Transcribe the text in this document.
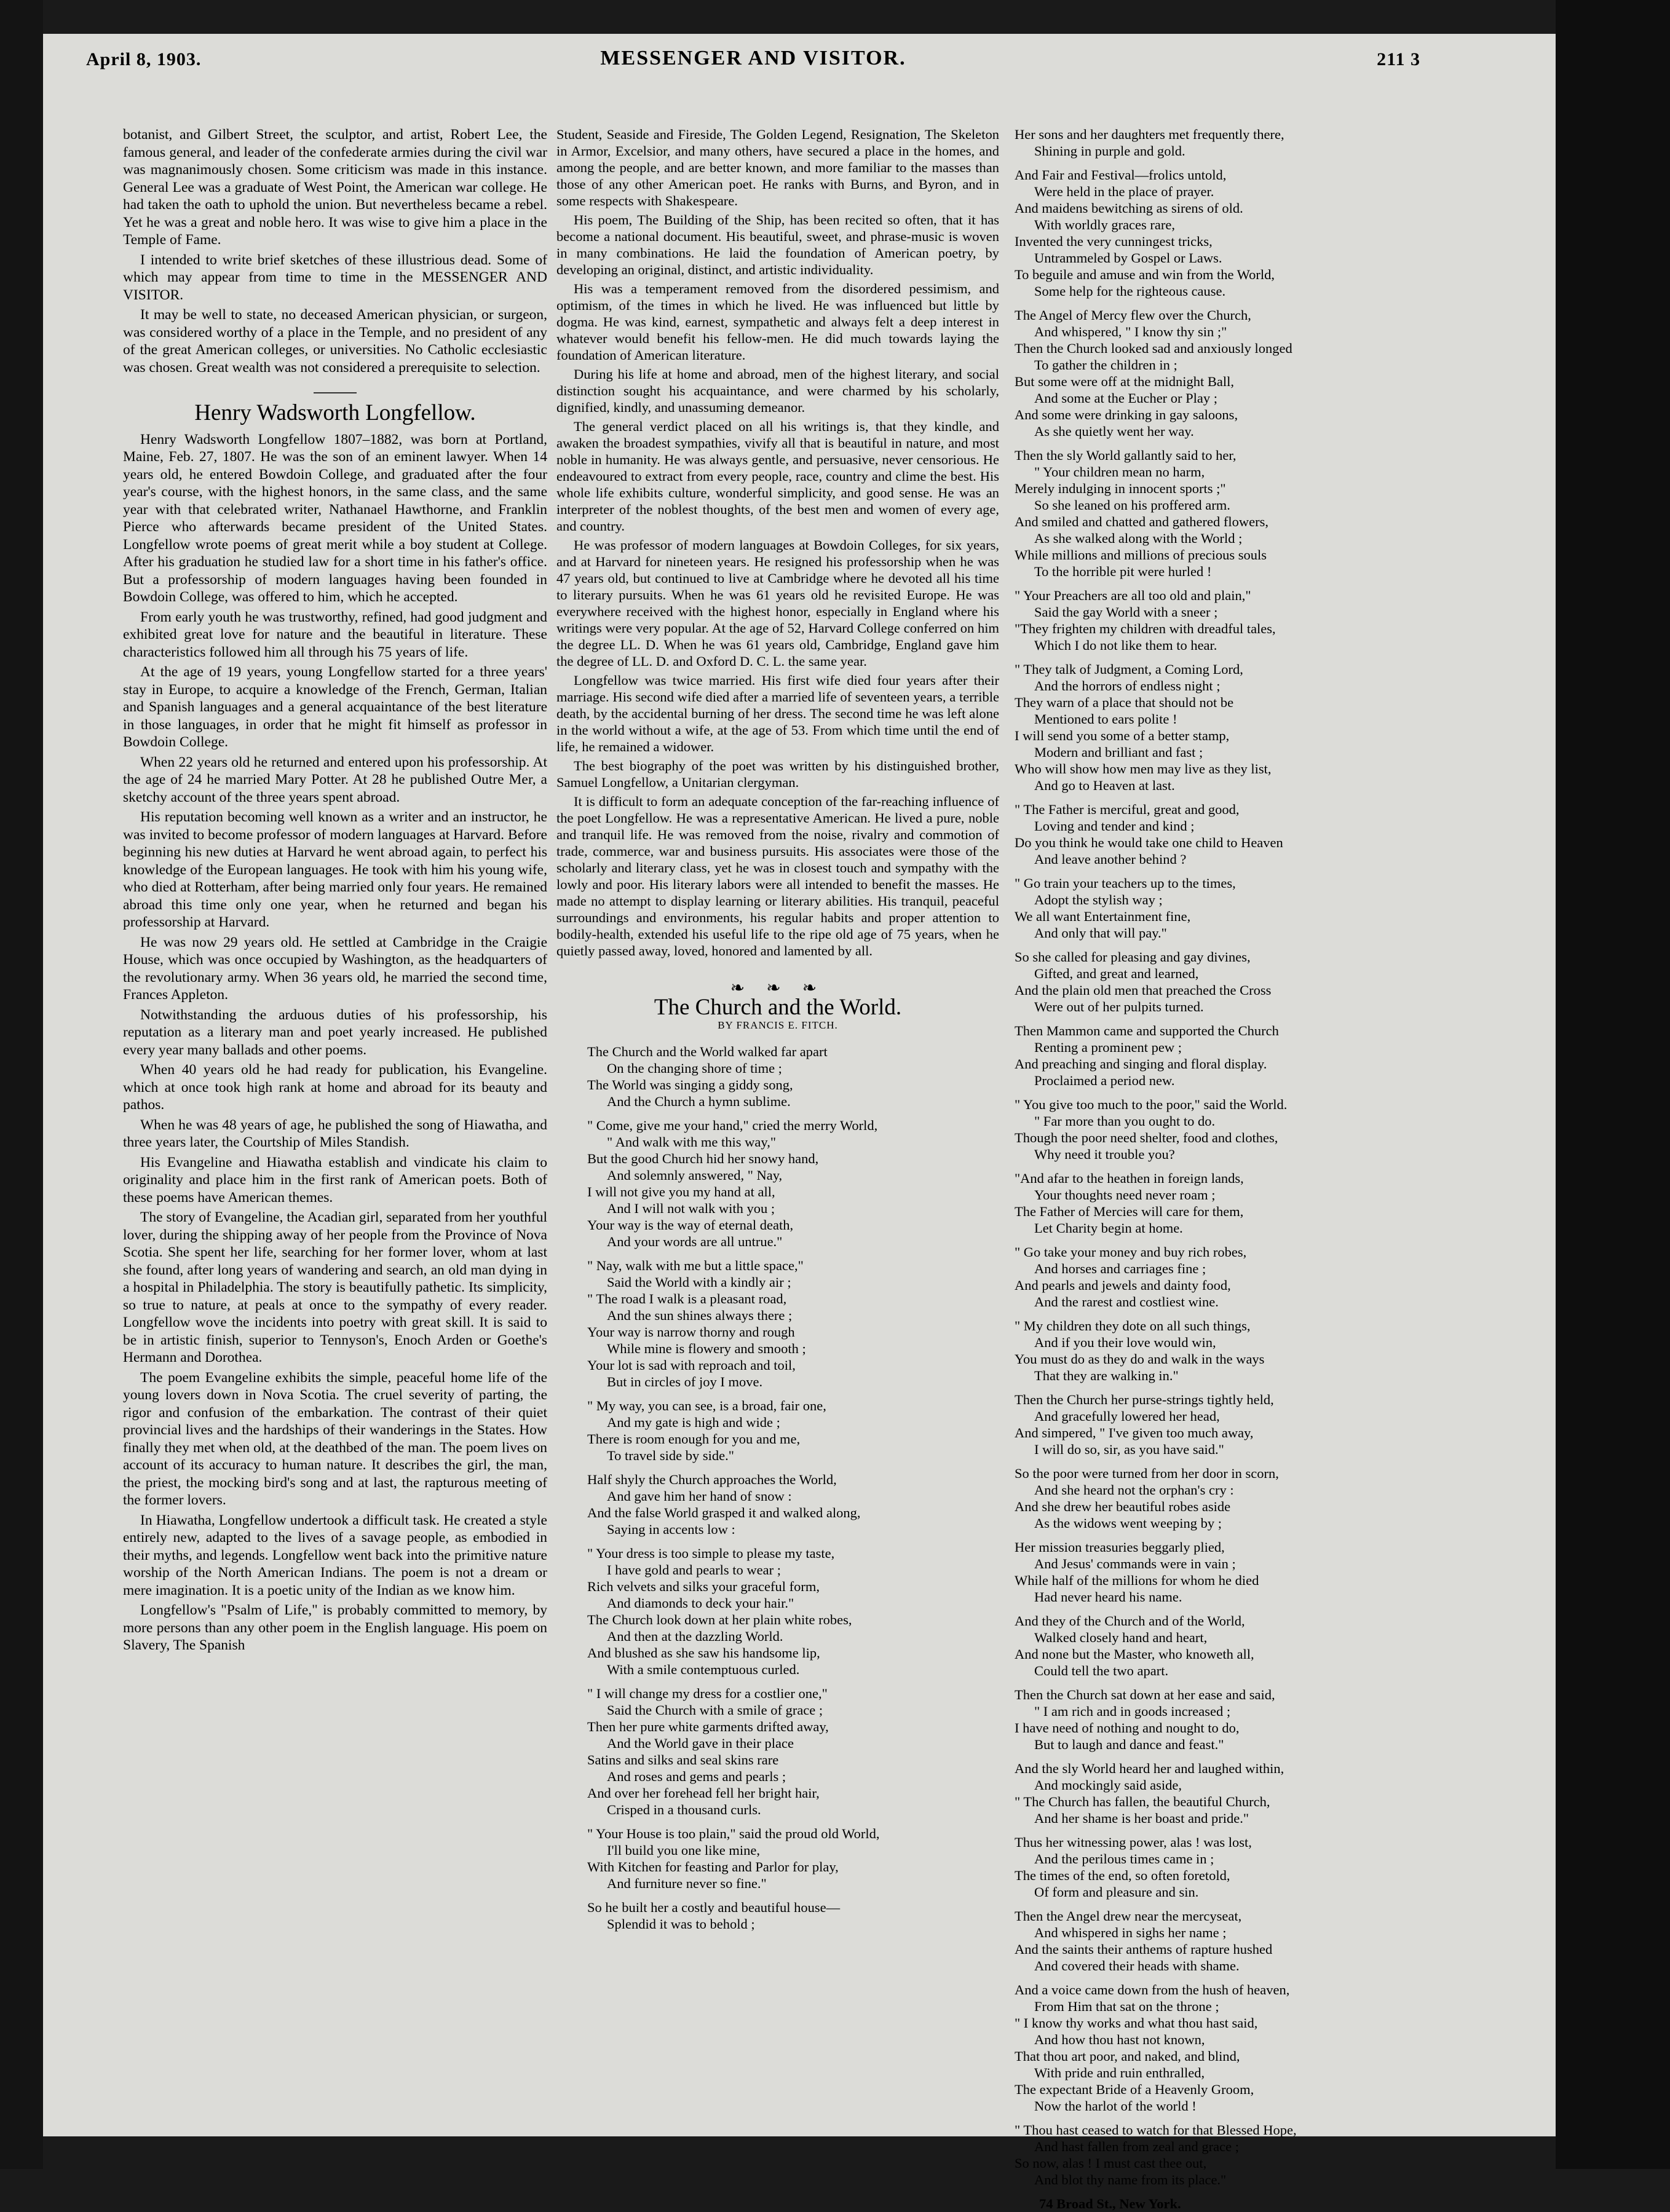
April 8, 1903.	MESSENGER AND VISITOR.	211 3

botanist, and Gilbert Street, the sculptor, and artist, Robert Lee, the famous general, and leader of the confederate armies during the civil war was magnanimously chosen. Some criticism was made in this instance. General Lee was a graduate of West Point, the American war college. He had taken the oath to uphold the union. But nevertheless became a rebel. Yet he was a great and noble hero. It was wise to give him a place in the Temple of Fame.

I intended to write brief sketches of these illustrious dead. Some of which may appear from time to time in the MESSENGER AND VISITOR.

It may be well to state, no deceased American physician, or surgeon, was considered worthy of a place in the Temple, and no president of any of the great American colleges, or universities. No Catholic ecclesiastic was chosen. Great wealth was not considered a prerequisite to selection.

Henry Wadsworth Longfellow.

Henry Wadsworth Longfellow 1807–1882, was born at Portland, Maine, Feb. 27, 1807. He was the son of an eminent lawyer. When 14 years old, he entered Bowdoin College, and graduated after the four year's course, with the highest honors, in the same class, and the same year with that celebrated writer, Nathanael Hawthorne, and Franklin Pierce who afterwards became president of the United States. Longfellow wrote poems of great merit while a boy student at College. After his graduation he studied law for a short time in his father's office. But a professorship of modern languages having been founded in Bowdoin College, was offered to him, which he accepted.

From early youth he was trustworthy, refined, had good judgment and exhibited great love for nature and the beautiful in literature. These characteristics followed him all through his 75 years of life.

At the age of 19 years, young Longfellow started for a three years' stay in Europe, to acquire a knowledge of the French, German, Italian and Spanish languages and a general acquaintance of the best literature in those languages, in order that he might fit himself as professor in Bowdoin College.

When 22 years old he returned and entered upon his professorship. At the age of 24 he married Mary Potter. At 28 he published Outre Mer, a sketchy account of the three years spent abroad.

His reputation becoming well known as a writer and an instructor, he was invited to become professor of modern languages at Harvard. Before beginning his new duties at Harvard he went abroad again, to perfect his knowledge of the European languages. He took with him his young wife, who died at Rotterham, after being married only four years. He remained abroad this time only one year, when he returned and began his professorship at Harvard.

He was now 29 years old. He settled at Cambridge in the Craigie House, which was once occupied by Washington, as the headquarters of the revolutionary army. When 36 years old, he married the second time, Frances Appleton.

Notwithstanding the arduous duties of his professorship, his reputation as a literary man and poet yearly increased. He published every year many ballads and other poems.

When 40 years old he had ready for publication, his Evangeline. which at once took high rank at home and abroad for its beauty and pathos.

When he was 48 years of age, he published the song of Hiawatha, and three years later, the Courtship of Miles Standish.

His Evangeline and Hiawatha establish and vindicate his claim to originality and place him in the first rank of American poets. Both of these poems have American themes.

The story of Evangeline, the Acadian girl, separated from her youthful lover, during the shipping away of her people from the Province of Nova Scotia. She spent her life, searching for her former lover, whom at last she found, after long years of wandering and search, an old man dying in a hospital in Philadelphia. The story is beautifully pathetic. Its simplicity, so true to nature, at peals at once to the sympathy of every reader. Longfellow wove the incidents into poetry with great skill. It is said to be in artistic finish, superior to Tennyson's, Enoch Arden or Goethe's Hermann and Dorothea.

The poem Evangeline exhibits the simple, peaceful home life of the young lovers down in Nova Scotia. The cruel severity of parting, the rigor and confusion of the embarkation. The contrast of their quiet provincial lives and the hardships of their wanderings in the States. How finally they met when old, at the deathbed of the man. The poem lives on account of its accuracy to human nature. It describes the girl, the man, the priest, the mocking bird's song and at last, the rapturous meeting of the former lovers.

In Hiawatha, Longfellow undertook a difficult task. He created a style entirely new, adapted to the lives of a savage people, as embodied in their myths, and legends. Longfellow went back into the primitive nature worship of the North American Indians. The poem is not a dream or mere imagination. It is a poetic unity of the Indian as we know him.

Longfellow's "Psalm of Life," is probably committed to memory, by more persons than any other poem in the English language. His poem on Slavery, The Spanish

Student, Seaside and Fireside, The Golden Legend, Resignation, The Skeleton in Armor, Excelsior, and many others, have secured a place in the homes, and among the people, and are better known, and more familiar to the masses than those of any other American poet. He ranks with Burns, and Byron, and in some respects with Shakespeare.

His poem, The Building of the Ship, has been recited so often, that it has become a national document. His beautiful, sweet, and phrase-music is woven in many combinations. He laid the foundation of American poetry, by developing an original, distinct, and artistic individuality.

His was a temperament removed from the disordered pessimism, and optimism, of the times in which he lived. He was influenced but little by dogma. He was kind, earnest, sympathetic and always felt a deep interest in whatever would benefit his fellow-men. He did much towards laying the foundation of American literature.

During his life at home and abroad, men of the highest literary, and social distinction sought his acquaintance, and were charmed by his scholarly, dignified, kindly, and unassuming demeanor.

The general verdict placed on all his writings is, that they kindle, and awaken the broadest sympathies, vivify all that is beautiful in nature, and most noble in humanity. He was always gentle, and persuasive, never censorious. He endeavoured to extract from every people, race, country and clime the best. His whole life exhibits culture, wonderful simplicity, and good sense. He was an interpreter of the noblest thoughts, of the best men and women of every age, and country.

He was professor of modern languages at Bowdoin Colleges, for six years, and at Harvard for nineteen years. He resigned his professorship when he was 47 years old, but continued to live at Cambridge where he devoted all his time to literary pursuits. When he was 61 years old he revisited Europe. He was everywhere received with the highest honor, especially in England where his writings were very popular. At the age of 52, Harvard College conferred on him the degree LL. D. When he was 61 years old, Cambridge, England gave him the degree of LL. D. and Oxford D. C. L. the same year.

Longfellow was twice married. His first wife died four years after their marriage. His second wife died after a married life of seventeen years, a terrible death, by the accidental burning of her dress. The second time he was left alone in the world without a wife, at the age of 53. From which time until the end of life, he remained a widower.

The best biography of the poet was written by his distinguished brother, Samuel Longfellow, a Unitarian clergyman.

It is difficult to form an adequate conception of the far-reaching influence of the poet Longfellow. He was a representative American. He lived a pure, noble and tranquil life. He was removed from the noise, rivalry and commotion of trade, commerce, war and business pursuits. His associates were those of the scholarly and literary class, yet he was in closest touch and sympathy with the lowly and poor. His literary labors were all intended to benefit the masses. He made no attempt to display learning or literary abilities. His tranquil, peaceful surroundings and environments, his regular habits and proper attention to bodily-health, extended his useful life to the ripe old age of 75 years, when he quietly passed away, loved, honored and lamented by all.

❧ ❧ ❧
The Church and the World.
BY FRANCIS E. FITCH.
The Church and the World walked far apart
On the changing shore of time ;
The World was singing a giddy song,
And the Church a hymn sublime.
" Come, give me your hand," cried the merry World,
" And walk with me this way,"
But the good Church hid her snowy hand,
And solemnly answered, " Nay,
I will not give you my hand at all,
And I will not walk with you ;
Your way is the way of eternal death,
And your words are all untrue."
" Nay, walk with me but a little space,"
Said the World with a kindly air ;
" The road I walk is a pleasant road,
And the sun shines always there ;
Your way is narrow thorny and rough
While mine is flowery and smooth ;
Your lot is sad with reproach and toil,
But in circles of joy I move.
" My way, you can see, is a broad, fair one,
And my gate is high and wide ;
There is room enough for you and me,
To travel side by side."
Half shyly the Church approaches the World,
And gave him her hand of snow :
And the false World grasped it and walked along,
Saying in accents low :
" Your dress is too simple to please my taste,
I have gold and pearls to wear ;
Rich velvets and silks your graceful form,
And diamonds to deck your hair."
The Church look down at her plain white robes,
And then at the dazzling World.
And blushed as she saw his handsome lip,
With a smile contemptuous curled.
" I will change my dress for a costlier one,"
Said the Church with a smile of grace ;
Then her pure white garments drifted away,
And the World gave in their place
Satins and silks and seal skins rare
And roses and gems and pearls ;
And over her forehead fell her bright hair,
Crisped in a thousand curls.
" Your House is too plain," said the proud old World,
I'll build you one like mine,
With Kitchen for feasting and Parlor for play,
And furniture never so fine."
So he built her a costly and beautiful house—
Splendid it was to behold ;
Her sons and her daughters met frequently there,
Shining in purple and gold.
And Fair and Festival—frolics untold,
Were held in the place of prayer.
And maidens bewitching as sirens of old.
With worldly graces rare,
Invented the very cunningest tricks,
Untrammeled by Gospel or Laws.
To beguile and amuse and win from the World,
Some help for the righteous cause.
The Angel of Mercy flew over the Church,
And whispered, " I know thy sin ;"
Then the Church looked sad and anxiously longed
To gather the children in ;
But some were off at the midnight Ball,
And some at the Eucher or Play ;
And some were drinking in gay saloons,
As she quietly went her way.
Then the sly World gallantly said to her,
" Your children mean no harm,
Merely indulging in innocent sports ;"
So she leaned on his proffered arm.
And smiled and chatted and gathered flowers,
As she walked along with the World ;
While millions and millions of precious souls
To the horrible pit were hurled !
" Your Preachers are all too old and plain,"
Said the gay World with a sneer ;
"They frighten my children with dreadful tales,
Which I do not like them to hear.
" They talk of Judgment, a Coming Lord,
And the horrors of endless night ;
They warn of a place that should not be
Mentioned to ears polite !
I will send you some of a better stamp,
Modern and brilliant and fast ;
Who will show how men may live as they list,
And go to Heaven at last.
" The Father is merciful, great and good,
Loving and tender and kind ;
Do you think he would take one child to Heaven
And leave another behind ?
" Go train your teachers up to the times,
Adopt the stylish way ;
We all want Entertainment fine,
And only that will pay."
So she called for pleasing and gay divines,
Gifted, and great and learned,
And the plain old men that preached the Cross
Were out of her pulpits turned.
Then Mammon came and supported the Church
Renting a prominent pew ;
And preaching and singing and floral display.
Proclaimed a period new.
" You give too much to the poor," said the World.
" Far more than you ought to do.
Though the poor need shelter, food and clothes,
Why need it trouble you?
"And afar to the heathen in foreign lands,
Your thoughts need never roam ;
The Father of Mercies will care for them,
Let Charity begin at home.
" Go take your money and buy rich robes,
And horses and carriages fine ;
And pearls and jewels and dainty food,
And the rarest and costliest wine.
" My children they dote on all such things,
And if you their love would win,
You must do as they do and walk in the ways
That they are walking in."
Then the Church her purse-strings tightly held,
And gracefully lowered her head,
And simpered, " I've given too much away,
I will do so, sir, as you have said."
So the poor were turned from her door in scorn,
And she heard not the orphan's cry :
And she drew her beautiful robes aside
As the widows went weeping by ;
Her mission treasuries beggarly plied,
And Jesus' commands were in vain ;
While half of the millions for whom he died
Had never heard his name.
And they of the Church and of the World,
Walked closely hand and heart,
And none but the Master, who knoweth all,
Could tell the two apart.
Then the Church sat down at her ease and said,
" I am rich and in goods increased ;
I have need of nothing and nought to do,
But to laugh and dance and feast."
And the sly World heard her and laughed within,
And mockingly said aside,
" The Church has fallen, the beautiful Church,
And her shame is her boast and pride."
Thus her witnessing power, alas ! was lost,
And the perilous times came in ;
The times of the end, so often foretold,
Of form and pleasure and sin.
Then the Angel drew near the mercyseat,
And whispered in sighs her name ;
And the saints their anthems of rapture hushed
And covered their heads with shame.
And a voice came down from the hush of heaven,
From Him that sat on the throne ;
" I know thy works and what thou hast said,
And how thou hast not known,
That thou art poor, and naked, and blind,
With pride and ruin enthralled,
The expectant Bride of a Heavenly Groom,
Now the harlot of the world !
" Thou hast ceased to watch for that Blessed Hope,
And hast fallen from zeal and grace ;
So now, alas ! I must cast thee out,
And blot thy name from its place."
74 Broad St., New York.
